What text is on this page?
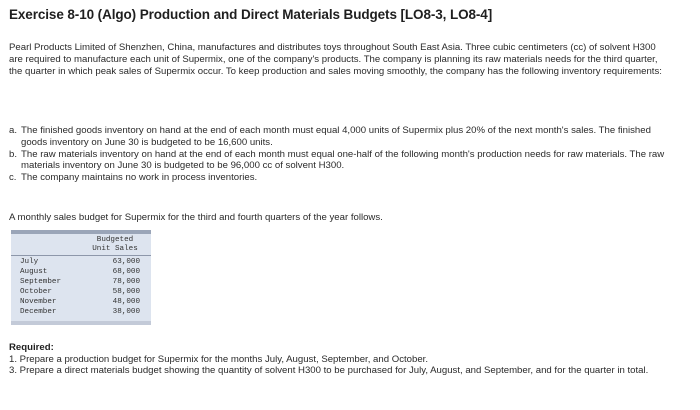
Exercise 8-10 (Algo) Production and Direct Materials Budgets [LO8-3, LO8-4]
Pearl Products Limited of Shenzhen, China, manufactures and distributes toys throughout South East Asia. Three cubic centimeters (cc) of solvent H300 are required to manufacture each unit of Supermix, one of the company's products. The company is planning its raw materials needs for the third quarter, the quarter in which peak sales of Supermix occur. To keep production and sales moving smoothly, the company has the following inventory requirements:
a. The finished goods inventory on hand at the end of each month must equal 4,000 units of Supermix plus 20% of the next month's sales. The finished goods inventory on June 30 is budgeted to be 16,600 units.
b. The raw materials inventory on hand at the end of each month must equal one-half of the following month's production needs for raw materials. The raw materials inventory on June 30 is budgeted to be 96,000 cc of solvent H300.
c. The company maintains no work in process inventories.
A monthly sales budget for Supermix for the third and fourth quarters of the year follows.
Budgeted
Unit Sales
July	63,000
August	68,000
September	78,000
October	58,000
November	48,000
December	38,000
Required:
1. Prepare a production budget for Supermix for the months July, August, September, and October.
3. Prepare a direct materials budget showing the quantity of solvent H300 to be purchased for July, August, and September, and for the quarter in total.
